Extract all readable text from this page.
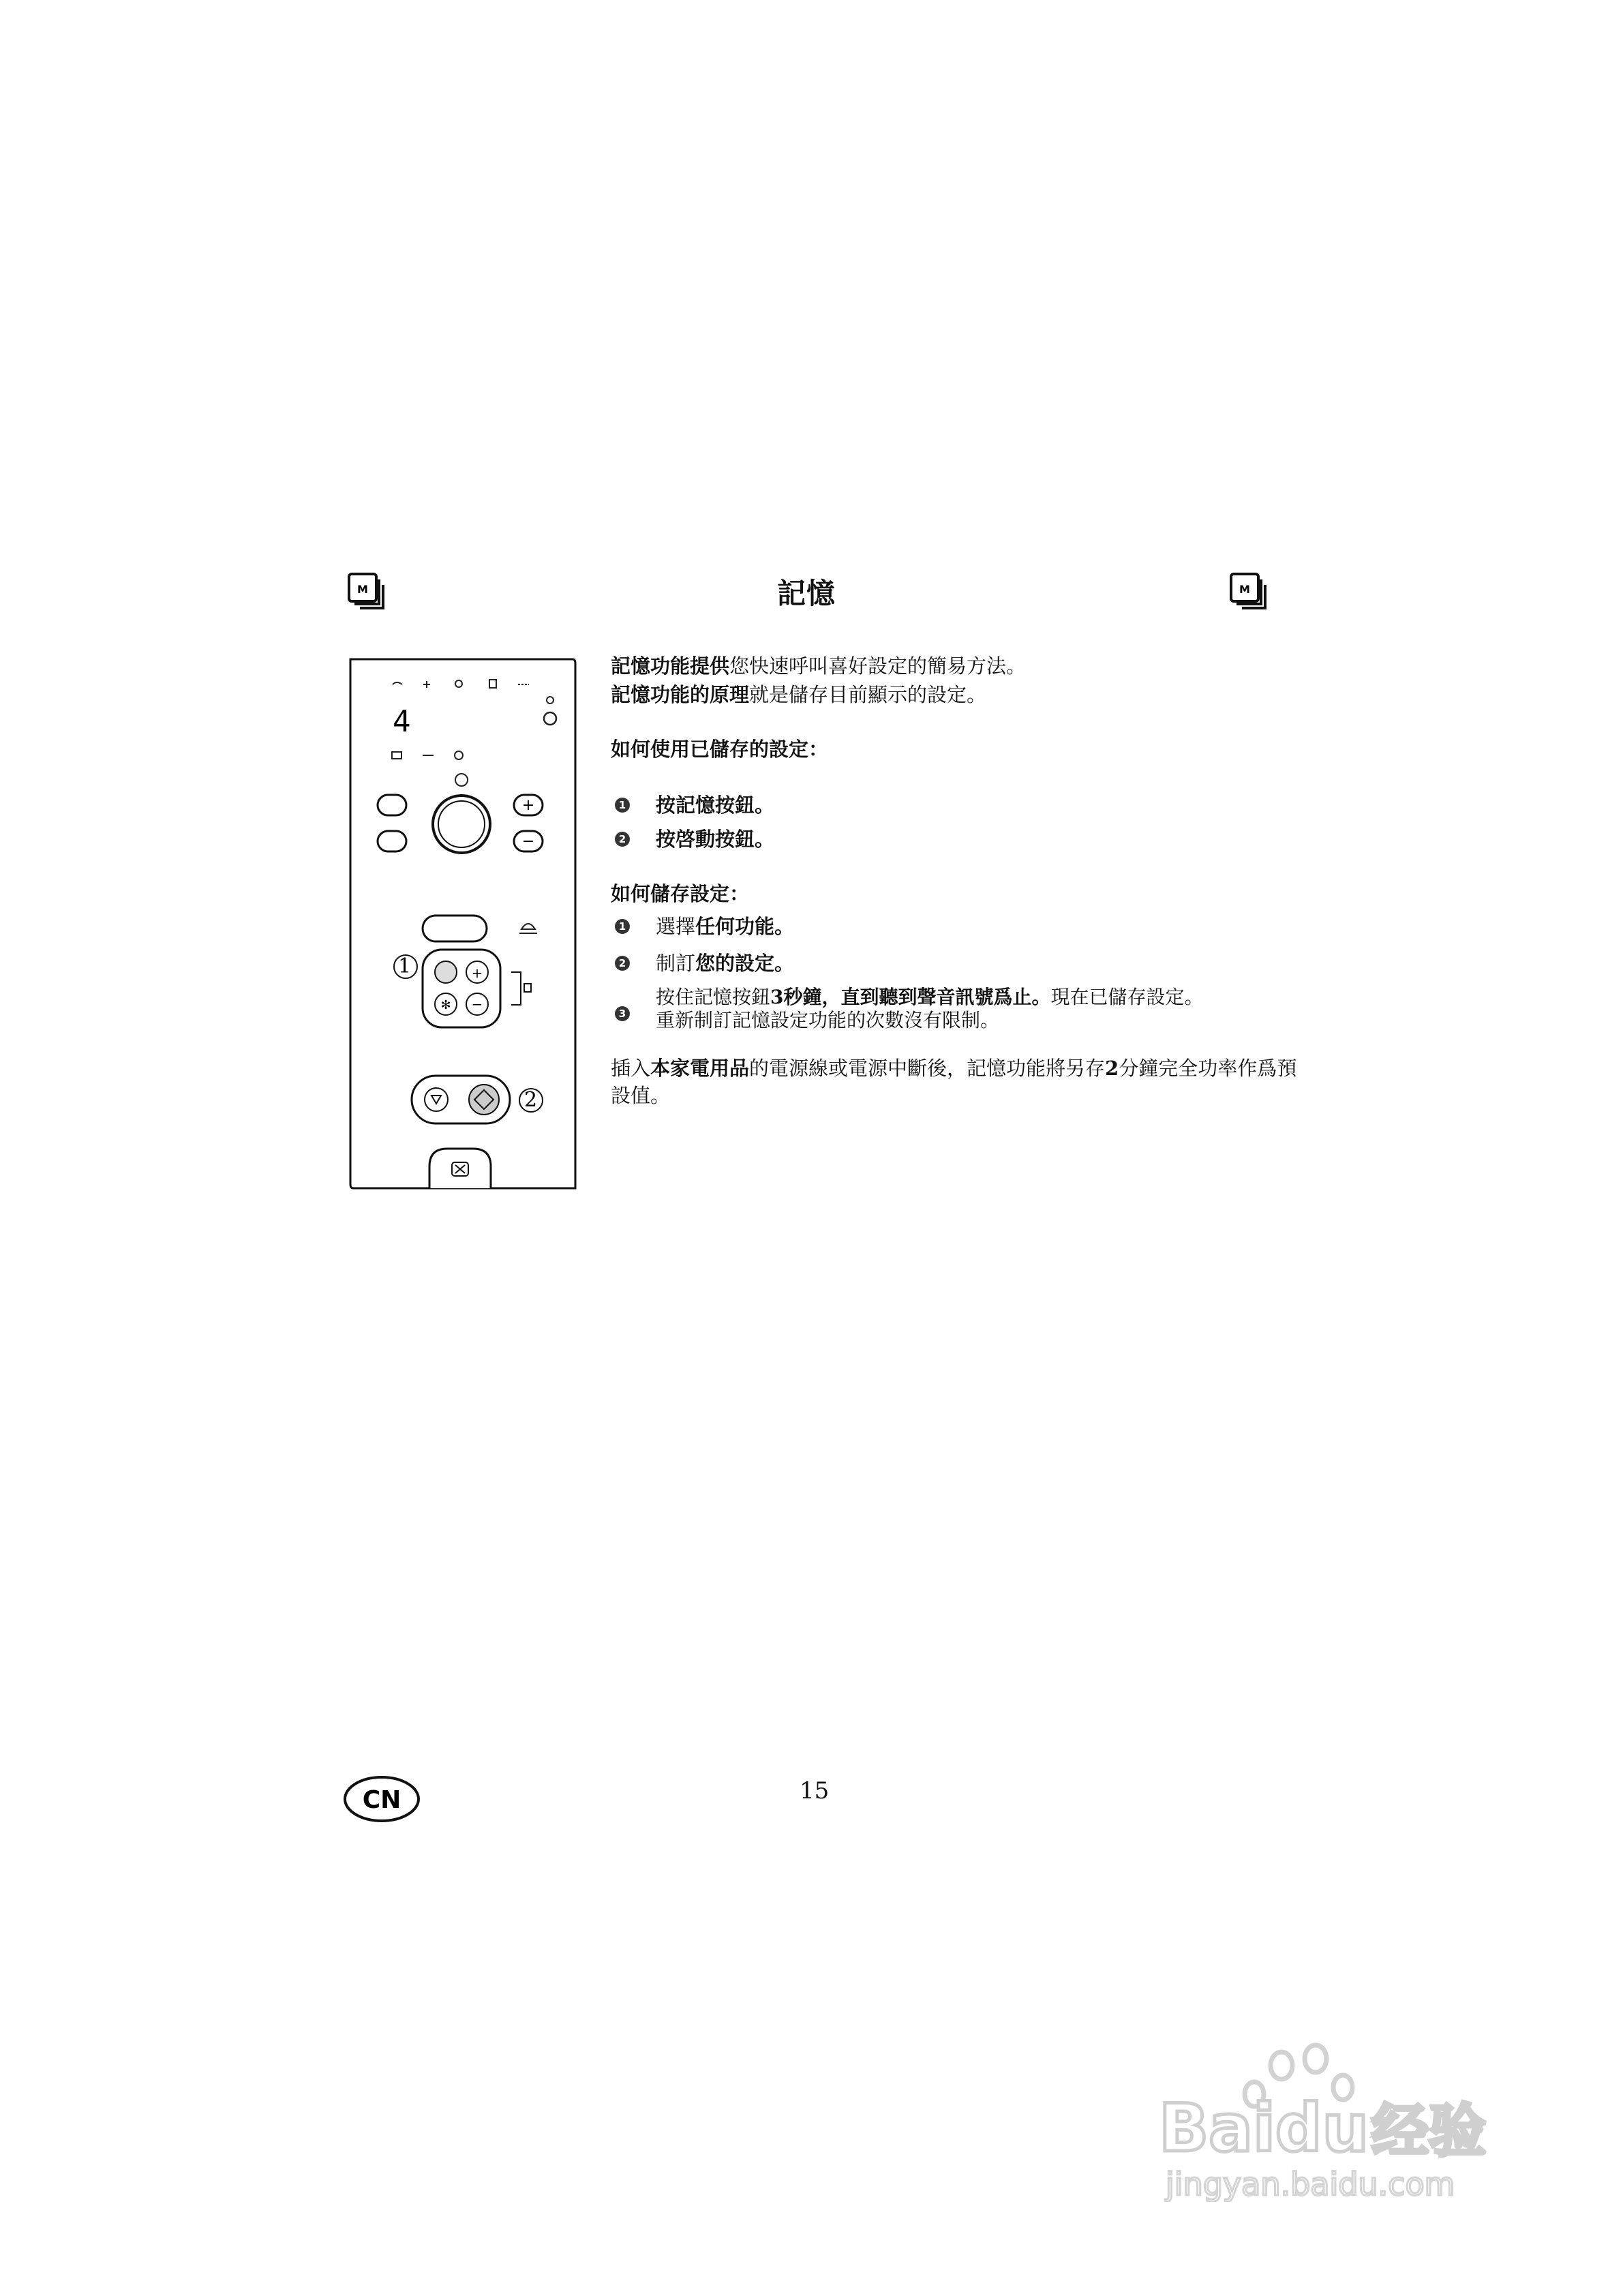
M	M
記憶
4
+
−
1	+
✻ −
2
記憶功能提供您快速呼叫喜好設定的簡易方法。
記憶功能的原理就是儲存目前顯示的設定。
如何使用已儲存的設定：
1 按記憶按鈕。
2 按啓動按鈕。
如何儲存設定：
1 選擇任何功能。
2 制訂您的設定。
3
按住記憶按鈕3秒鐘，直到聽到聲音訊號爲止。現在已儲存設定。
重新制訂記憶設定功能的次數沒有限制。
插入本家電用品的電源線或電源中斷後，記憶功能將另存2分鐘完全功率作爲預
設值。
15
CN
Baidu 经验
jingyan.baidu.com
